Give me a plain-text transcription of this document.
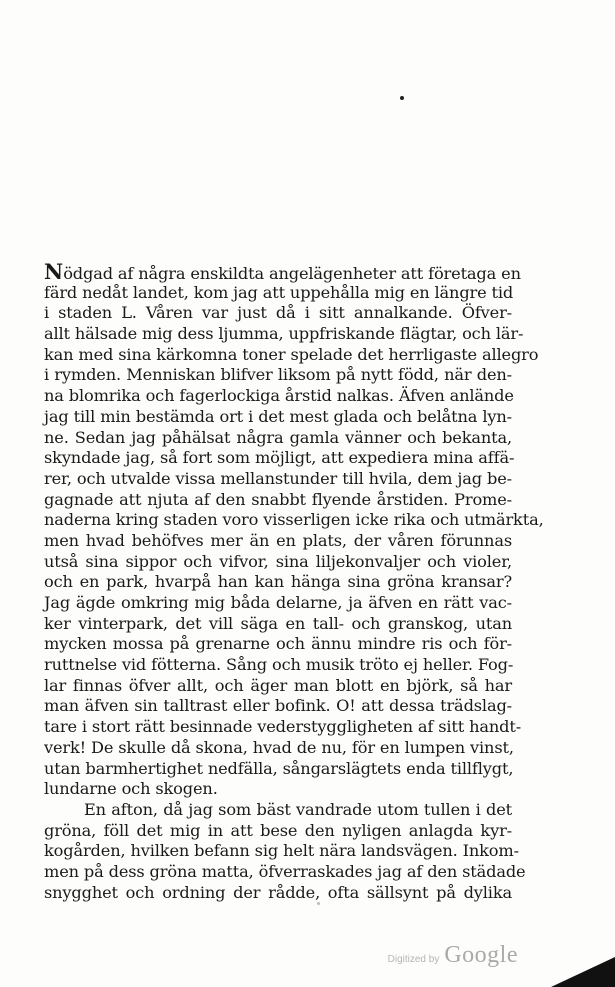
Nödgad af några enskildta angelägenheter att företaga en
färd nedåt landet, kom jag att uppehålla mig en längre tid
i staden L. Våren var just då i sitt annalkande. Öfver-
allt hälsade mig dess ljumma, uppfriskande flägtar, och lär-
kan med sina kärkomna toner spelade det herrligaste allegro
i rymden. Menniskan blifver liksom på nytt född, när den-
na blomrika och fagerlockiga årstid nalkas. Äfven anlände
jag till min bestämda ort i det mest glada och belåtna lyn-
ne. Sedan jag påhälsat några gamla vänner och bekanta,
skyndade jag, så fort som möjligt, att expediera mina affä-
rer, och utvalde vissa mellanstunder till hvila, dem jag be-
gagnade att njuta af den snabbt flyende årstiden. Prome-
naderna kring staden voro visserligen icke rika och utmärkta,
men hvad behöfves mer än en plats, der våren förunnas
utså sina sippor och vifvor, sina liljekonvaljer och violer,
och en park, hvarpå han kan hänga sina gröna kransar?
Jag ägde omkring mig båda delarne, ja äfven en rätt vac-
ker vinterpark, det vill säga en tall- och granskog, utan
mycken mossa på grenarne och ännu mindre ris och för-
ruttnelse vid fötterna. Sång och musik tröto ej heller. Fog-
lar finnas öfver allt, och äger man blott en björk, så har
man äfven sin talltrast eller bofink. O! att dessa trädslag-
tare i stort rätt besinnade vederstyggligheten af sitt handt-
verk! De skulle då skona, hvad de nu, för en lumpen vinst,
utan barmhertighet nedfälla, sångarslägtets enda tillflygt,
lundarne och skogen.
En afton, då jag som bäst vandrade utom tullen i det
gröna, föll det mig in att bese den nyligen anlagda kyr-
kogården, hvilken befann sig helt nära landsvägen. Inkom-
men på dess gröna matta, öfverraskades jag af den städade
snygghet och ordning der rådde, ofta sällsynt på dylika
Digitized by Google
